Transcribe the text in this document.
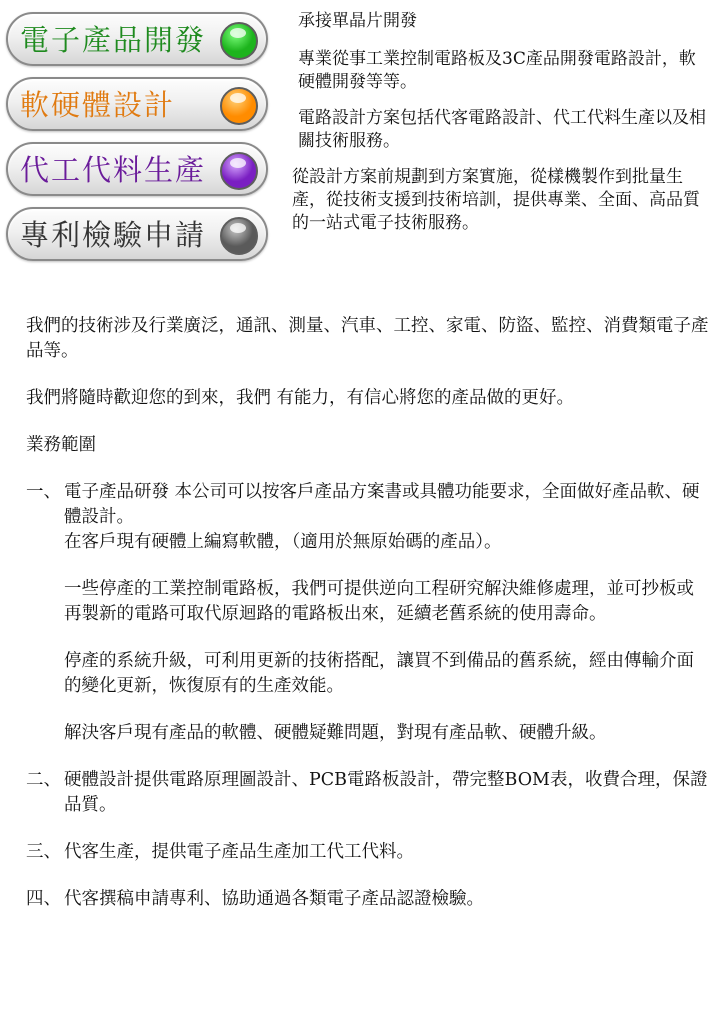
電子產品開發
軟硬體設計
代工代料生產
專利檢驗申請

承接單晶片開發

專業從事工業控制電路板及3C產品開發電路設計，軟硬體開發等等。

電路設計方案包括代客電路設計、代工代料生產以及相關技術服務。

從設計方案前規劃到方案實施，從樣機製作到批量生產，從技術支援到技術培訓，提供專業、全面、高品質的一站式電子技術服務。

我們的技術涉及行業廣泛，通訊、測量、汽車、工控、家電、防盜、監控、消費類電子產品等。

我們將隨時歡迎您的到來，我們 有能力，有信心將您的產品做的更好。

業務範圍

一、 電子產品研發 本公司可以按客戶產品方案書或具體功能要求，全面做好產品軟、硬體設計。
在客戶現有硬體上編寫軟體，（適用於無原始碼的產品）。

一些停產的工業控制電路板，我們可提供逆向工程研究解決維修處理，並可抄板或再製新的電路可取代原迴路的電路板出來，延續老舊系統的使用壽命。

停產的系統升級，可利用更新的技術搭配，讓買不到備品的舊系統，經由傳輸介面的變化更新，恢復原有的生產效能。

解決客戶現有產品的軟體、硬體疑難問題，對現有產品軟、硬體升級。

二、 硬體設計提供電路原理圖設計、PCB電路板設計，帶完整BOM表，收費合理，保證品質。

三、 代客生產，提供電子產品生產加工代工代料。

四、 代客撰稿申請專利、協助通過各類電子產品認證檢驗。
